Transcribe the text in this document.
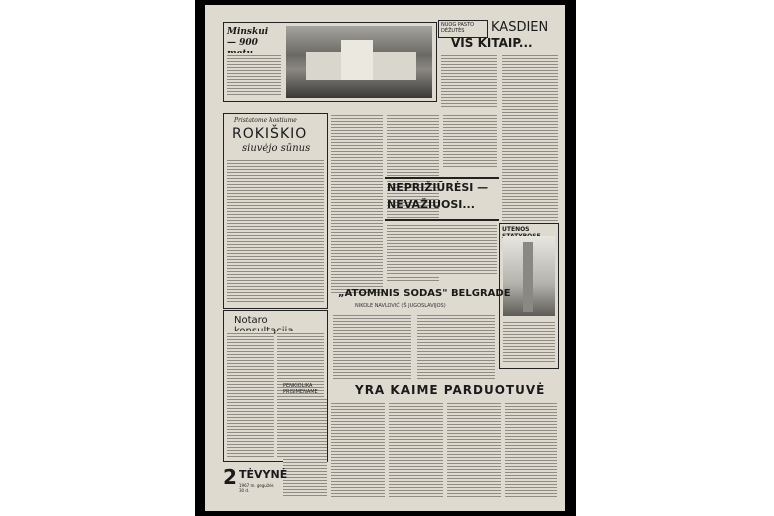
Minskui — 900
NUOG PASTO DĖŽUTĖS	KASDIEN
VIS KITAIP...
Pristatome kostiume
ROKIŠKIO
siuvėjo sūnus
NEPRIŽIŪRĖSI —
NEVAŽIUOSI...
UTENOS
„ATOMINIS SODAS" BELGRADE
NIKOLE NAVLOVIĆ (Š JUGOSLAVIJOS)
Notaro
PENKIOLIKA PRISIMENAME	YRA KAIME PARDUOTUVĖ
2 TĖVYNĖ
1967 m. gegužės 30 d.
